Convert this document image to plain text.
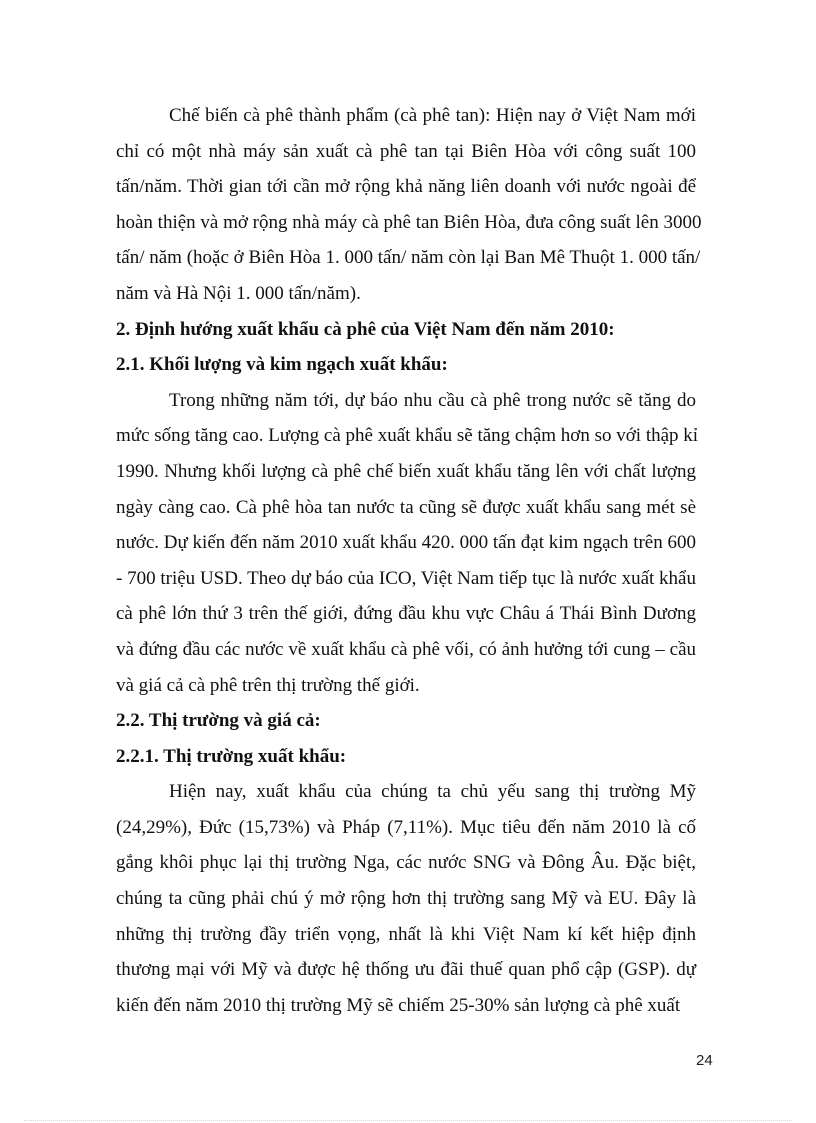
Chế biến cà phê thành phẩm (cà phê tan): Hiện nay ở Việt Nam mới
chỉ có một nhà máy sản xuất cà phê tan tại Biên Hòa với công suất 100
tấn/năm. Thời gian tới cần mở rộng khả năng liên doanh với nước ngoài để
hoàn thiện và mở rộng nhà máy cà phê tan Biên Hòa, đưa công suất lên 3000
tấn/ năm (hoặc ở Biên Hòa 1. 000 tấn/ năm còn lại Ban Mê Thuột 1. 000 tấn/
năm và Hà Nội 1. 000 tấn/năm).
2. Định hướng xuất khẩu cà phê của Việt Nam đến năm 2010:
2.1. Khối lượng và kim ngạch xuất khẩu:
Trong những năm tới, dự báo nhu cầu cà phê trong nước sẽ tăng do
mức sống tăng cao. Lượng cà phê xuất khẩu sẽ tăng chậm hơn so với thập kỉ
1990. Nhưng khối lượng cà phê chế biến xuất khẩu tăng lên với chất lượng
ngày càng cao. Cà phê hòa tan nước ta cũng sẽ được xuất khẩu sang mét sè
nước. Dự kiến đến năm 2010 xuất khẩu 420. 000 tấn đạt kim ngạch trên 600
- 700 triệu USD. Theo dự báo của ICO, Việt Nam tiếp tục là nước xuất khẩu
cà phê lớn thứ 3 trên thế giới, đứng đầu khu vực Châu á Thái Bình Dương
và đứng đầu các nước về xuất khẩu cà phê vối, có ảnh hưởng tới cung – cầu
và giá cả cà phê trên thị trường thế giới.
2.2. Thị trường và giá cả:
2.2.1. Thị trường xuất khẩu:
Hiện nay, xuất khẩu của chúng ta chủ yếu sang thị trường Mỹ
(24,29%), Đức (15,73%) và Pháp (7,11%). Mục tiêu đến năm 2010 là cố
gắng khôi phục lại thị trường Nga, các nước SNG và Đông Âu. Đặc biệt,
chúng ta cũng phải chú ý mở rộng hơn thị trường sang Mỹ và EU. Đây là
những thị trường đầy triển vọng, nhất là khi Việt Nam kí kết hiệp định
thương mại với Mỹ và được hệ thống ưu đãi thuế quan phổ cập (GSP). dự
kiến đến năm 2010 thị trường Mỹ sẽ chiếm 25-30% sản lượng cà phê xuất
24
